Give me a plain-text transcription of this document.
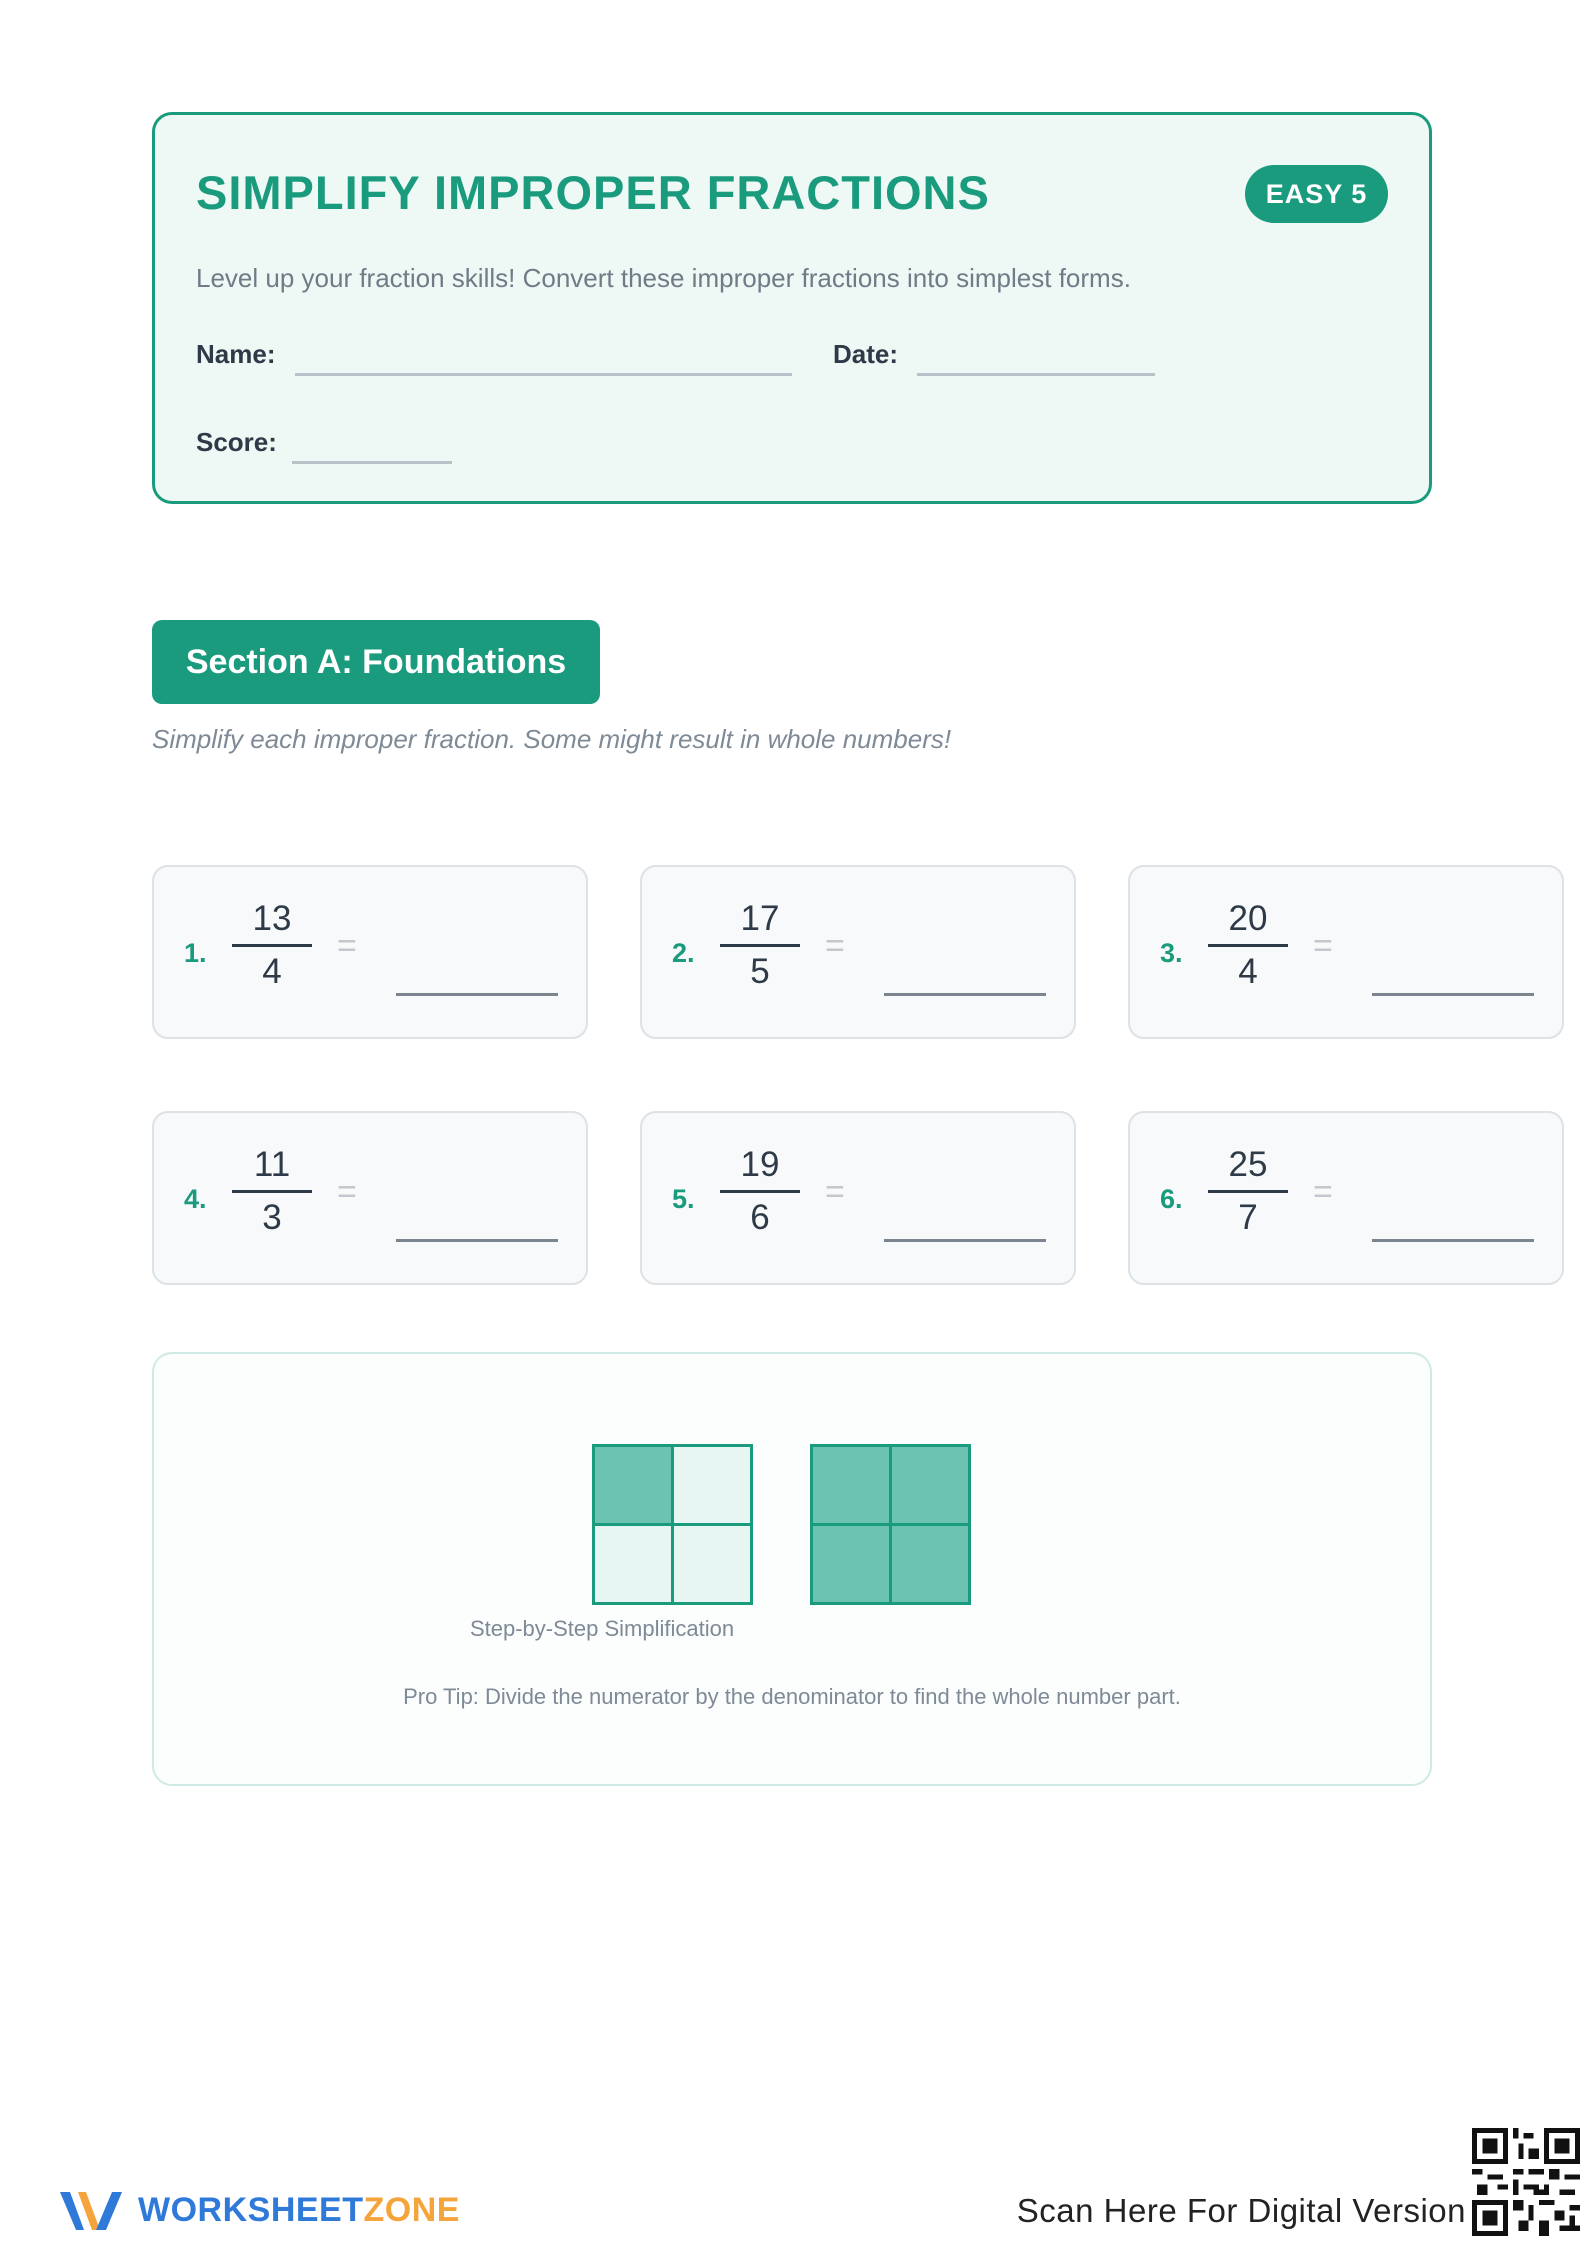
SIMPLIFY IMPROPER FRACTIONS	EASY 5
Level up your fraction skills! Convert these improper fractions into simplest forms.
Name:	Date:
Score:
Section A: Foundations
Simplify each improper fraction. Some might result in whole numbers!
1.
13
4
=	2.
17
5
=	3.
20
4
=
4.
11
3
=	5.
19
6
=	6.
25
7
=
Step-by-Step Simplification
Pro Tip: Divide the numerator by the denominator to find the whole number part.
WORKSHEETZONE	Scan Here For Digital Version
